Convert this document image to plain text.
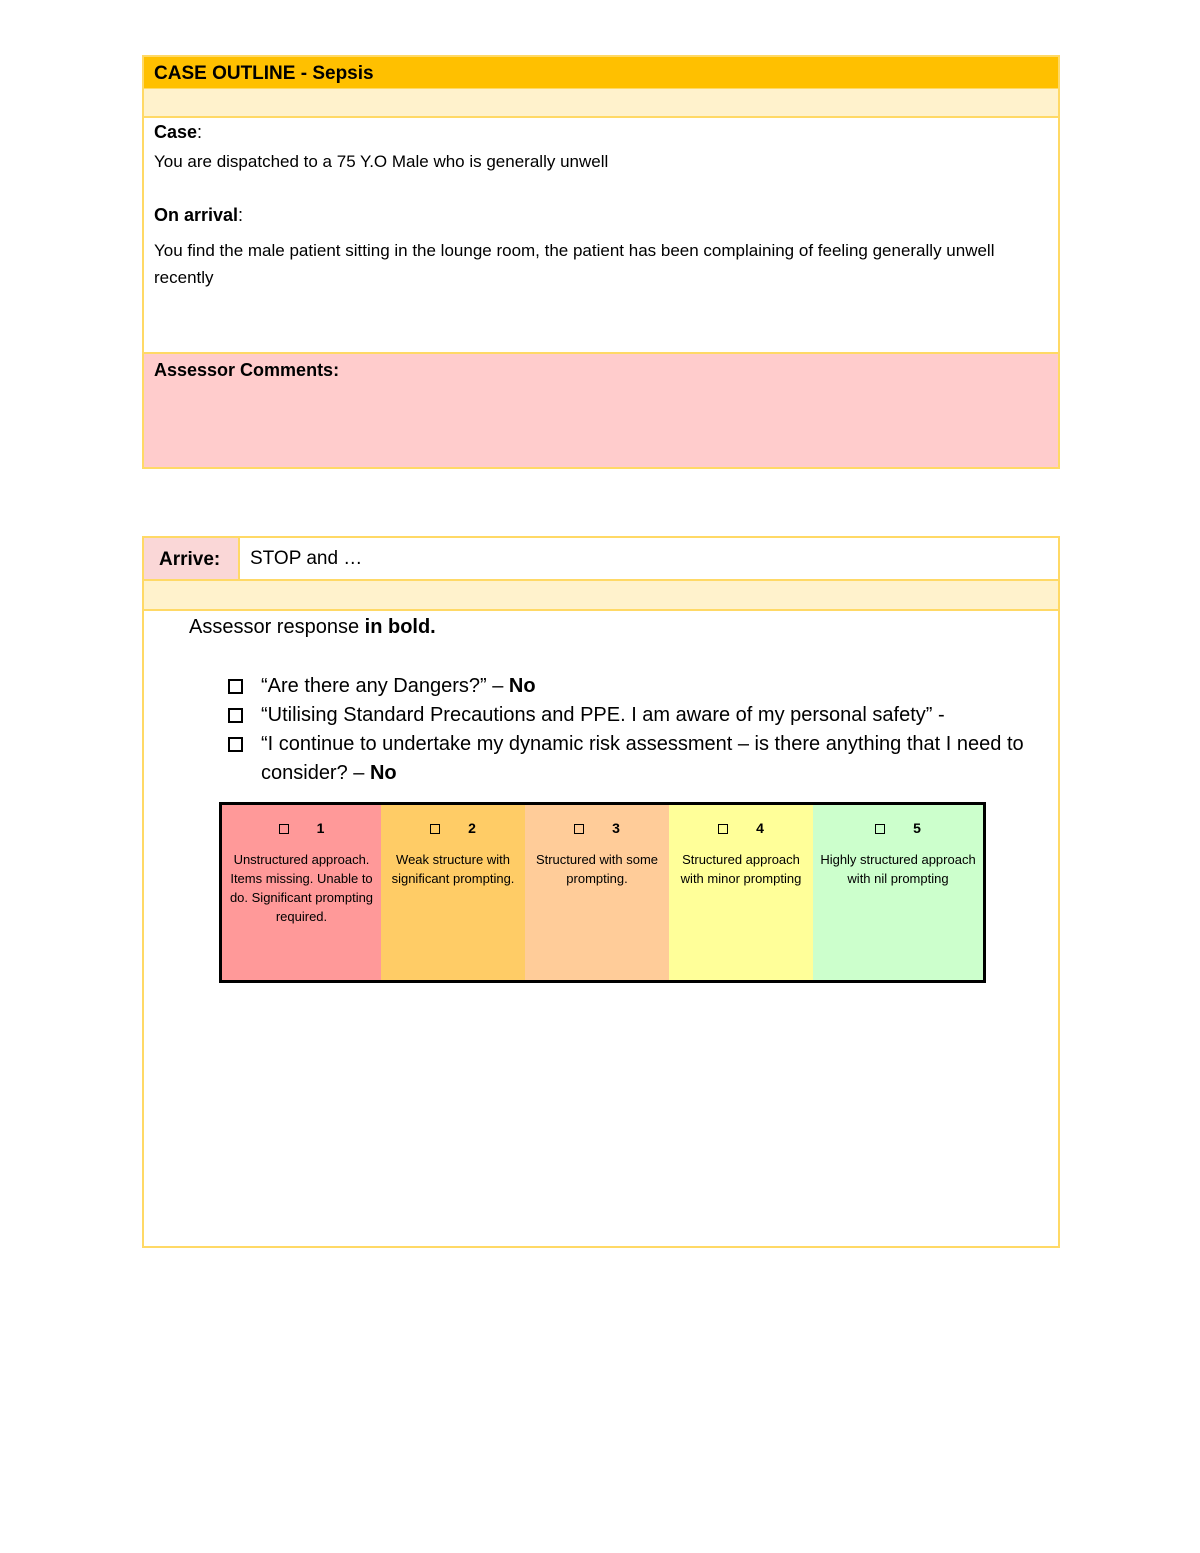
CASE OUTLINE - Sepsis
Case:
You are dispatched to a 75 Y.O Male who is generally unwell
On arrival:
You find the male patient sitting in the lounge room, the patient has been complaining of feeling generally unwell recently
Assessor Comments:
Arrive: STOP and …
Assessor response in bold.
“Are there any Dangers?” – No
“Utilising Standard Precautions and PPE. I am aware of my personal safety” -
“I continue to undertake my dynamic risk assessment – is there anything that I need to consider? – No
1
Unstructured approach. Items missing. Unable to do. Significant prompting required.
2
Weak structure with significant prompting.
3
Structured with some prompting.
4
Structured approach with minor prompting
5
Highly structured approach with nil prompting
